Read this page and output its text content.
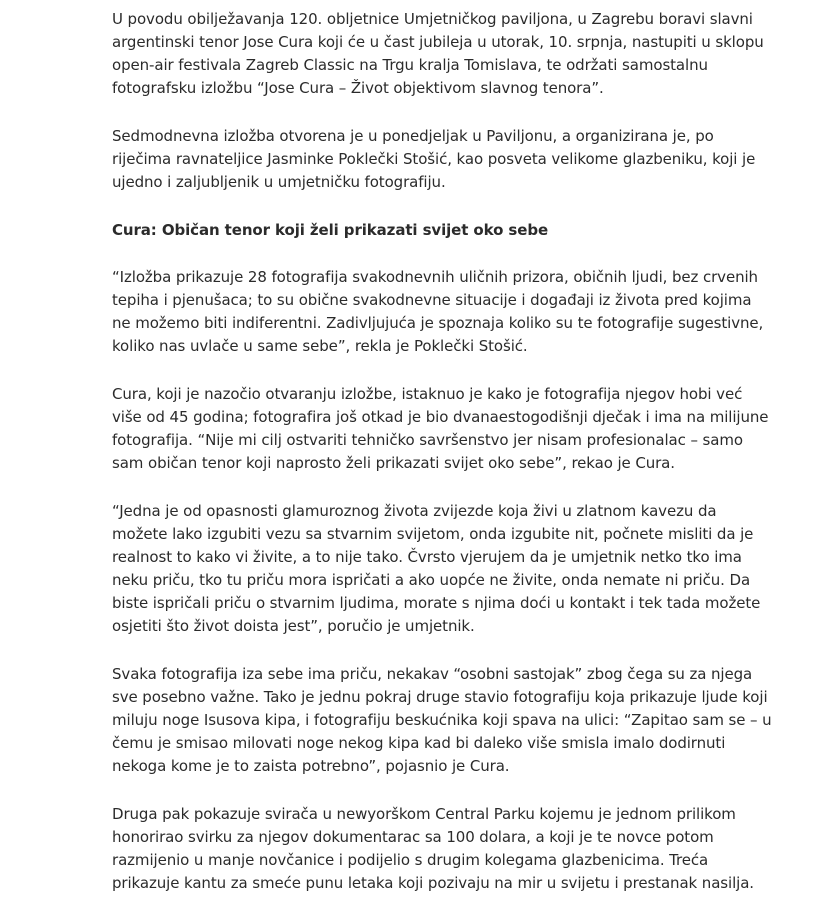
U povodu obilježavanja 120. obljetnice Umjetničkog paviljona, u Zagrebu boravi slavni argentinski tenor Jose Cura koji će u čast jubileja u utorak, 10. srpnja, nastupiti u sklopu open-air festivala Zagreb Classic na Trgu kralja Tomislava, te održati samostalnu fotografsku izložbu “Jose Cura – Život objektivom slavnog tenora”.

Sedmodnevna izložba otvorena je u ponedjeljak u Paviljonu, a organizirana je, po riječima ravnateljice Jasminke Poklečki Stošić, kao posveta velikome glazbeniku, koji je ujedno i zaljubljenik u umjetničku fotografiju.

Cura: Običan tenor koji želi prikazati svijet oko sebe

“Izložba prikazuje 28 fotografija svakodnevnih uličnih prizora, običnih ljudi, bez crvenih tepiha i pjenušaca; to su obične svakodnevne situacije i događaji iz života pred kojima ne možemo biti indiferentni. Zadivljujuća je spoznaja koliko su te fotografije sugestivne, koliko nas uvlače u same sebe”, rekla je Poklečki Stošić.

Cura, koji je nazočio otvaranju izložbe, istaknuo je kako je fotografija njegov hobi već više od 45 godina; fotografira još otkad je bio dvanaestogodišnji dječak i ima na milijune fotografija. “Nije mi cilj ostvariti tehničko savršenstvo jer nisam profesionalac – samo sam običan tenor koji naprosto želi prikazati svijet oko sebe”, rekao je Cura.

“Jedna je od opasnosti glamuroznog života zvijezde koja živi u zlatnom kavezu da možete lako izgubiti vezu sa stvarnim svijetom, onda izgubite nit, počnete misliti da je realnost to kako vi živite, a to nije tako. Čvrsto vjerujem da je umjetnik netko tko ima neku priču, tko tu priču mora ispričati a ako uopće ne živite, onda nemate ni priču. Da biste ispričali priču o stvarnim ljudima, morate s njima doći u kontakt i tek tada možete osjetiti što život doista jest”, poručio je umjetnik.

Svaka fotografija iza sebe ima priču, nekakav “osobni sastojak” zbog čega su za njega sve posebno važne. Tako je jednu pokraj druge stavio fotografiju koja prikazuje ljude koji miluju noge Isusova kipa, i fotografiju beskućnika koji spava na ulici: “Zapitao sam se – u čemu je smisao milovati noge nekog kipa kad bi daleko više smisla imalo dodirnuti nekoga kome je to zaista potrebno”, pojasnio je Cura.

Druga pak pokazuje svirača u newyorškom Central Parku kojemu je jednom prilikom honorirao svirku za njegov dokumentarac sa 100 dolara, a koji je te novce potom razmijenio u manje novčanice i podijelio s drugim kolegama glazbenicima. Treća prikazuje kantu za smeće punu letaka koji pozivaju na mir u svijetu i prestanak nasilja.
